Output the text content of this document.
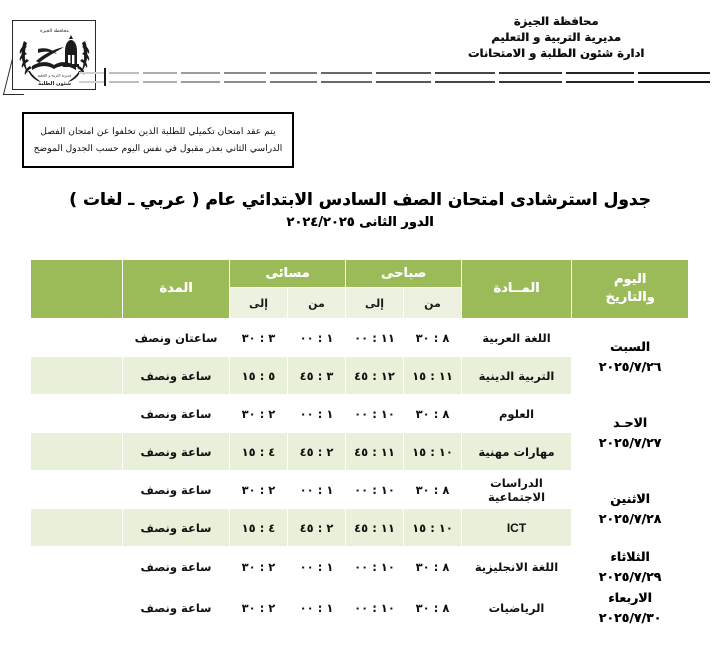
محافظة الجيزة
مديرية التربية و التعليم
شئون الطلبة
محافظة الجيزة
مديرية التربية و التعليم
ادارة شئون الطلبة و الامتحانات
يتم عقد امتحان تكميلي للطلبة الذين تخلفوا عن امتحان الفصل
الدراسي الثاني بعذر مقبول في نفس اليوم حسب الجدول الموضح
جدول استرشادى امتحان الصف السادس الابتدائي عام ( عربي ـ لغات )
الدور الثانى ٢٠٢٤/٢٠٢٥
اليوم
والتاريخ	المــادة	صباحى		مسائى		المدة	
		من	إلى	من	إلى		

السبت
٢٠٢٥/٧/٢٦	اللغة العربية	٨ : ٣٠	١١ : ٠٠	١ : ٠٠	٣ : ٣٠	ساعتان ونصف	
	التربية الدينية	١١ : ١٥	١٢ : ٤٥	٣ : ٤٥	٥ : ١٥	ساعة ونصف	

الاحـد
٢٠٢٥/٧/٢٧	العلوم	٨ : ٣٠	١٠ : ٠٠	١ : ٠٠	٢ : ٣٠	ساعة ونصف	
	مهارات مهنية	١٠ : ١٥	١١ : ٤٥	٢ : ٤٥	٤ : ١٥	ساعة ونصف	

الاثنين
٢٠٢٥/٧/٢٨	الدراسات الاجتماعية	٨ : ٣٠	١٠ : ٠٠	١ : ٠٠	٢ : ٣٠	ساعة ونصف	
	ICT	١٠ : ١٥	١١ : ٤٥	٢ : ٤٥	٤ : ١٥	ساعة ونصف	

الثلاثاء
٢٠٢٥/٧/٢٩	اللغة الانجليزية	٨ : ٣٠	١٠ : ٠٠	١ : ٠٠	٢ : ٣٠	ساعة ونصف	

الاربعاء
٢٠٢٥/٧/٣٠	الرياضيات	٨ : ٣٠	١٠ : ٠٠	١ : ٠٠	٢ : ٣٠	ساعة ونصف	
